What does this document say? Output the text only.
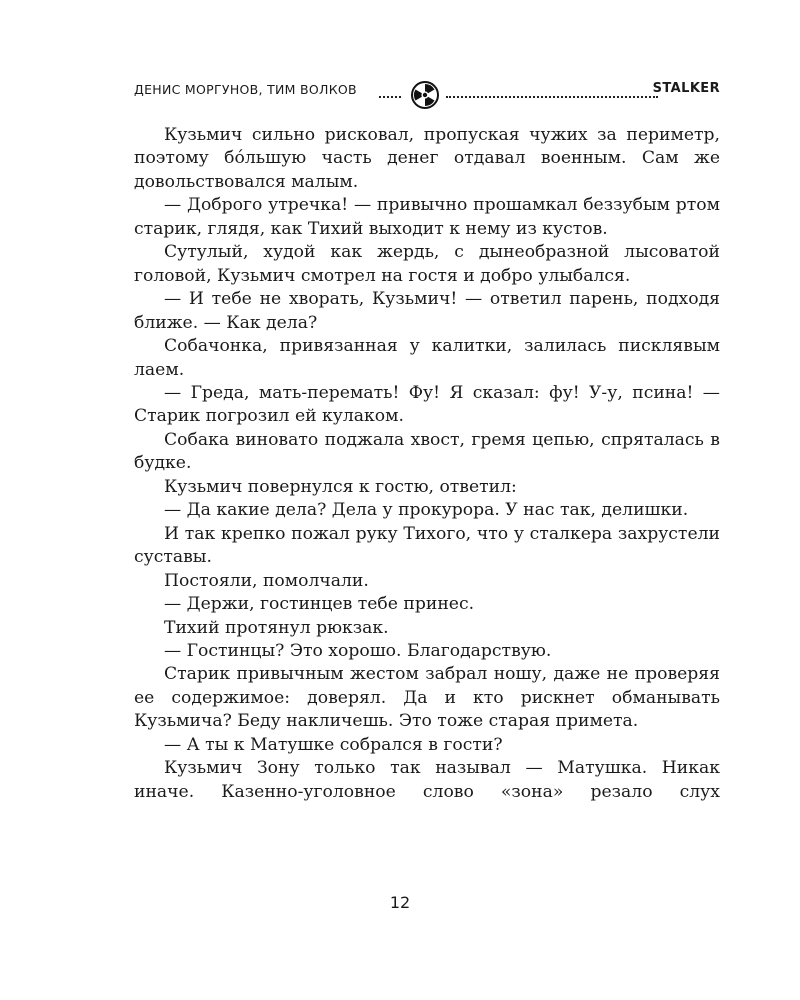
ДЕНИС МОРГУНОВ, ТИМ ВОЛКОВ	STALKER

Кузьмич сильно рисковал, пропуская чужих за периметр, поэтому бóльшую часть денег отдавал военным. Сам же довольствовался малым.

— Доброго утречка! — привычно прошамкал беззубым ртом старик, глядя, как Тихий выходит к нему из кустов.

Сутулый, худой как жердь, с дынеобразной лысоватой головой, Кузьмич смотрел на гостя и добро улыбался.

— И тебе не хворать, Кузьмич! — ответил парень, подходя ближе. — Как дела?

Собачонка, привязанная у калитки, залилась писклявым лаем.

— Греда, мать-перемать! Фу! Я сказал: фу! У-у, псина! — Старик погрозил ей кулаком.

Собака виновато поджала хвост, гремя цепью, спряталась в будке.

Кузьмич повернулся к гостю, ответил:

— Да какие дела? Дела у прокурора. У нас так, делишки.

И так крепко пожал руку Тихого, что у сталкера захрустели суставы.

Постояли, помолчали.

— Держи, гостинцев тебе принес.

Тихий протянул рюкзак.

— Гостинцы? Это хорошо. Благодарствую.

Старик привычным жестом забрал ношу, даже не проверяя ее содержимое: доверял. Да и кто рискнет обманывать Кузьмича? Беду накличешь. Это тоже старая примета.

— А ты к Матушке собрался в гости?

Кузьмич Зону только так называл — Матушка. Никак иначе. Казенно-уголовное слово «зона» резало слух

12
